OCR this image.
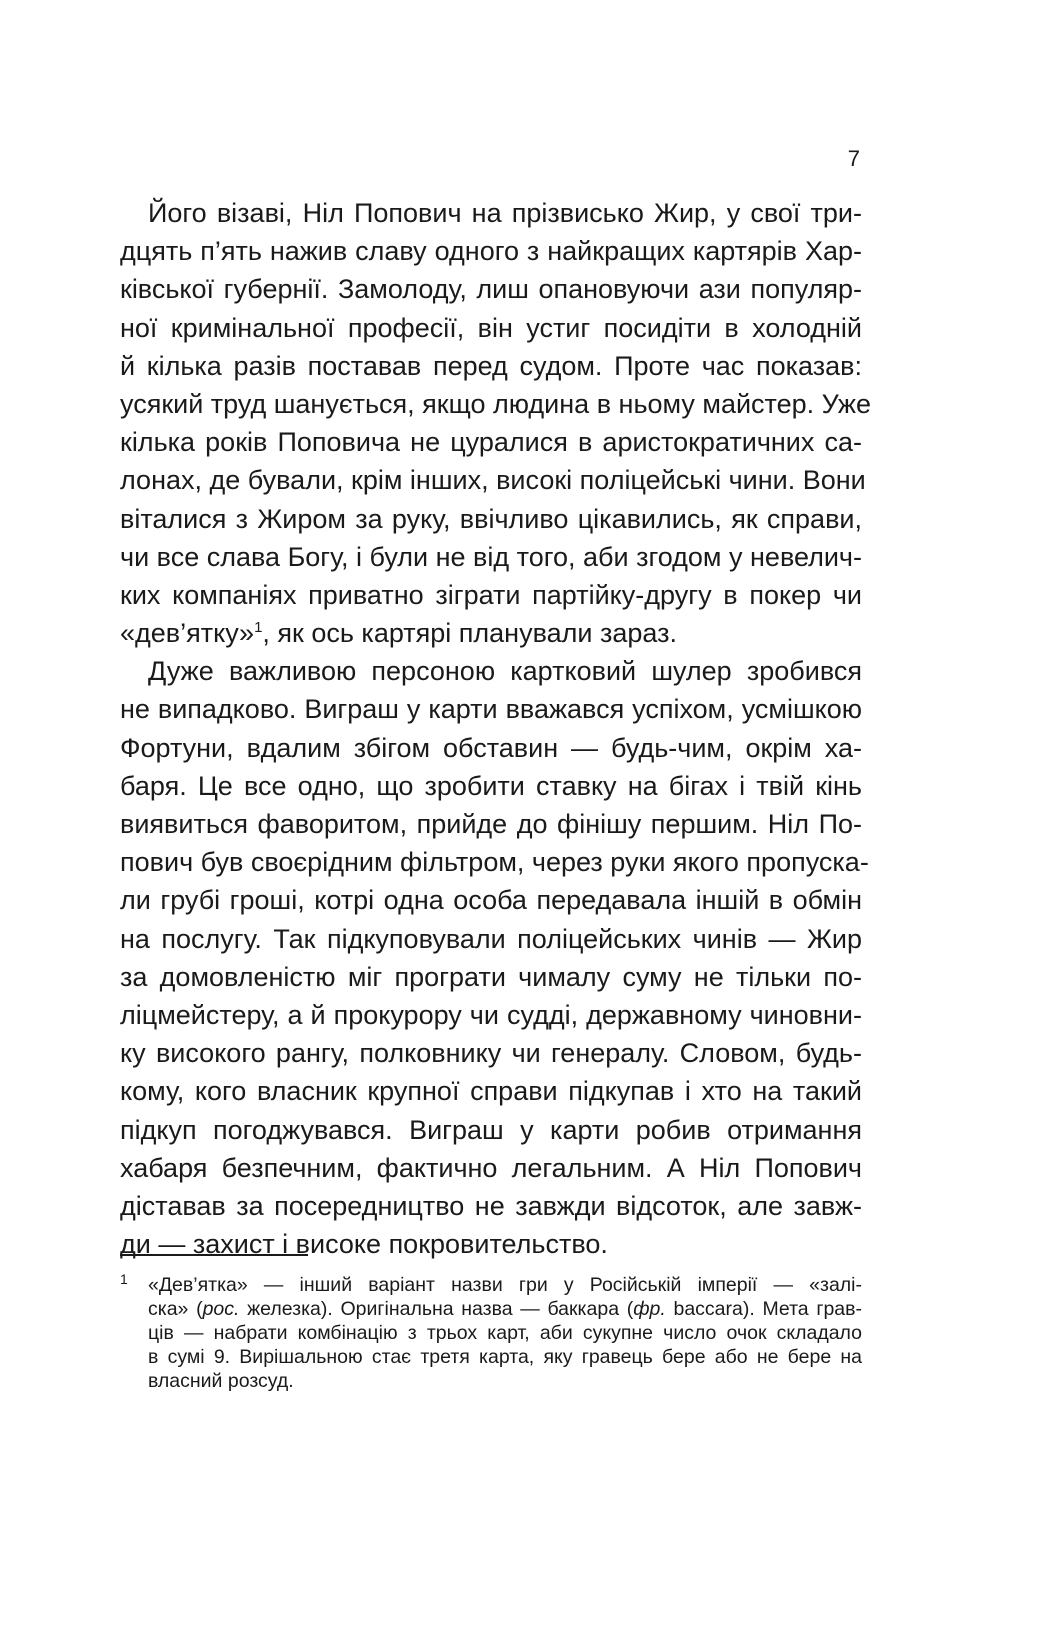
7
Його візаві, Ніл Попович на прізвисько Жир, у свої три-
дцять п’ять нажив славу одного з найкращих картярів Хар-
ківської губернії. Замолоду, лиш опановуючи ази популяр-
ної кримінальної професії, він устиг посидіти в холодній
й кілька разів поставав перед судом. Проте час показав:
усякий труд шанується, якщо людина в ньому майстер. Уже
кілька років Поповича не цуралися в аристократичних са-
лонах, де бували, крім інших, високі поліцейські чини. Вони
віталися з Жиром за руку, ввічливо цікавились, як справи,
чи все слава Богу, і були не від того, аби згодом у невелич-
ких компаніях приватно зіграти партійку-другу в покер чи
«дев’ятку»$^1$, як ось картярі планували зараз.
Дуже важливою персоною картковий шулер зробився
не випадково. Виграш у карти вважався успіхом, усмішкою
Фортуни, вдалим збігом обставин — будь-чим, окрім ха-
баря. Це все одно, що зробити ставку на бігах і твій кінь
виявиться фаворитом, прийде до фінішу першим. Ніл По-
пович був своєрідним фільтром, через руки якого пропуска-
ли грубі гроші, котрі одна особа передавала іншій в обмін
на послугу. Так підкуповували поліцейських чинів — Жир
за домовленістю міг програти чималу суму не тільки по-
ліцмейстеру, а й прокурору чи судді, державному чиновни-
ку високого рангу, полковнику чи генералу. Словом, будь-
кому, кого власник крупної справи підкупав і хто на такий
підкуп погоджувався. Виграш у карти робив отримання
хабаря безпечним, фактично легальним. А Ніл Попович
діставав за посередництво не завжди відсоток, але завж-
ди — захист і високе покровительство.
1 «Дев’ятка» — інший варіант назви гри у Російській імперії — «залі-
ска» (рос. железка). Оригінальна назва — баккара (фр. baccara). Мета грав-
ців — набрати комбінацію з трьох карт, аби сукупне число очок складало
в сумі 9. Вирішальною стає третя карта, яку гравець бере або не бере на
власний розсуд.
